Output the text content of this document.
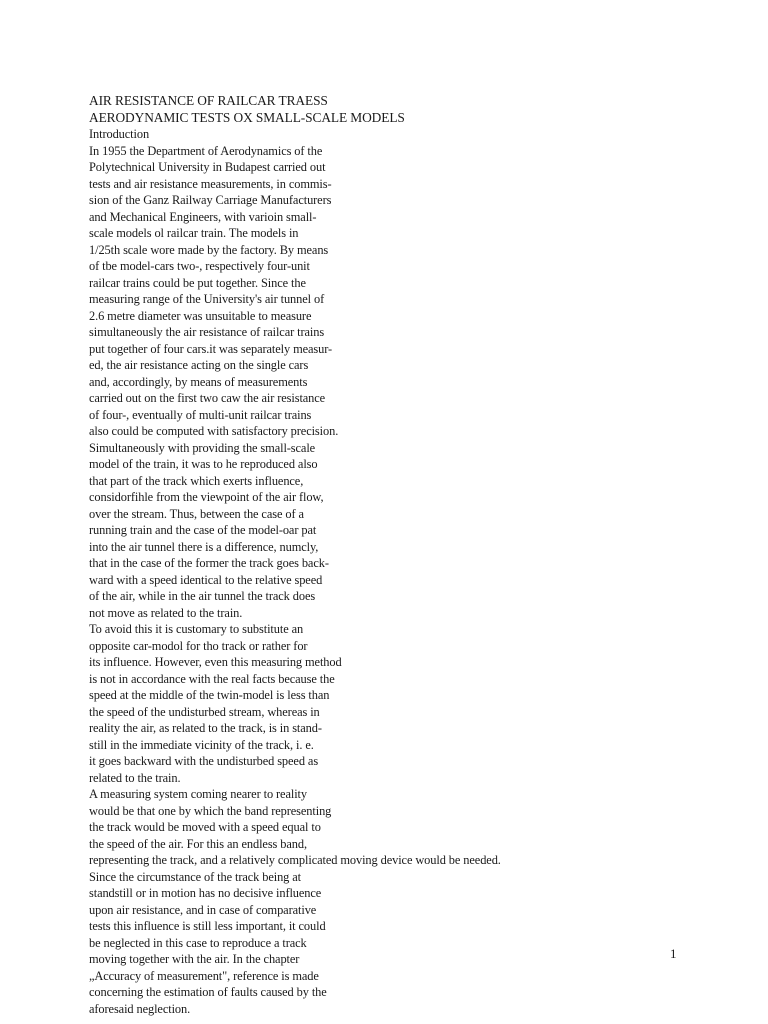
AIR RESISTANCE OF RAILCAR TRAESS
AERODYNAMIC TESTS OX SMALL-SCALE MODELS
Introduction
In 1955 the Department of Aerodynamics of the
Polytechnical University in Budapest carried out
tests and air resistance measurements, in commis-
sion of the Ganz Railway Carriage Manufacturers
and Mechanical Engineers, with varioin small-
scale models ol railcar train. The models in
1/25th scale wore made by the factory. By means
of tbe model-cars two-, respectively four-unit
railcar trains could be put together. Since the
measuring range of the University's air tunnel of
2.6 metre diameter was unsuitable to measure
simultaneously the air resistance of railcar trains
put together of four cars.it was separately measur-
ed, the air resistance acting on the single cars
and, accordingly, by means of measurements
carried out on the first two caw the air resistance
of four-, eventually of multi-unit railcar trains
also could be computed with satisfactory precision.
Simultaneously with providing the small-scale
model of the train, it was to he reproduced also
that part of the track which exerts influence,
considorfihle from the viewpoint of the air flow,
over the stream. Thus, between the case of a
running train and the case of the model-oar pat
into the air tunnel there is a difference, numcly,
that in the case of the former the track goes back-
ward with a speed identical to the relative speed
of the air, while in the air tunnel the track does
not move as related to the train.
To avoid this it is customary to substitute an
opposite car-modol for tho track or rather for
its influence. However, even this measuring method
is not in accordance with the real facts because the
speed at the middle of the twin-model is less than
the speed of the undisturbed stream, whereas in
reality the air, as related to the track, is in stand-
still in the immediate vicinity of the track, i. e.
it goes backward with the undisturbed speed as
related to the train.
A measuring system coming nearer to reality
would be that one by which the band representing
the track would be moved with a speed equal to
the speed of the air. For this an endless band,
representing the track, and a relatively complicated moving device would be needed.
Since the circumstance of the track being at
standstill or in motion has no decisive influence
upon air resistance, and in case of comparative
tests this influence is still less important, it could
be neglected in this case to reproduce a track
moving together with the air. In the chapter
„Accuracy of measurement", reference is made
concerning the estimation of faults caused by the
aforesaid neglection.
1
